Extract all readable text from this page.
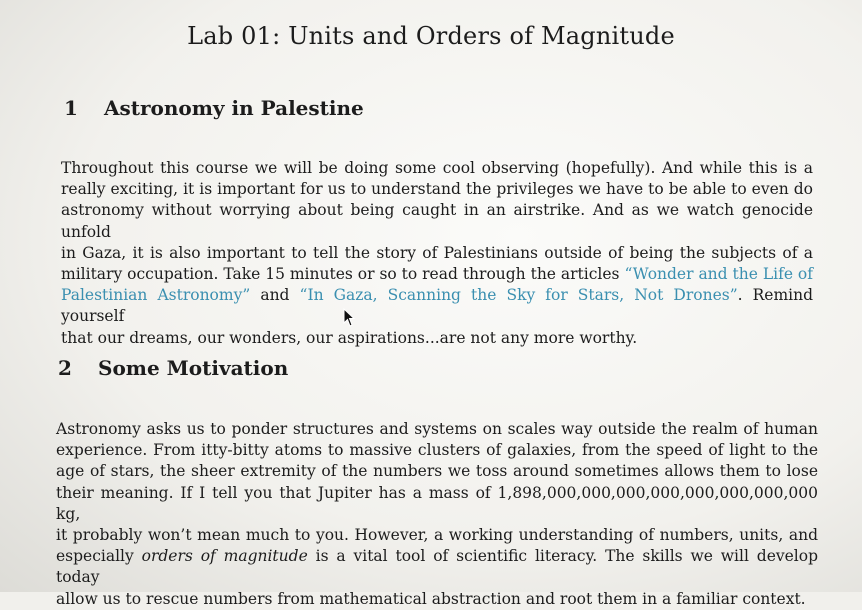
Lab 01: Units and Orders of Magnitude
1 Astronomy in Palestine
Throughout this course we will be doing some cool observing (hopefully). And while this is a
really exciting, it is important for us to understand the privileges we have to be able to even do
astronomy without worrying about being caught in an airstrike. And as we watch genocide unfold
in Gaza, it is also important to tell the story of Palestinians outside of being the subjects of a
military occupation. Take 15 minutes or so to read through the articles “Wonder and the Life of
Palestinian Astronomy” and “In Gaza, Scanning the Sky for Stars, Not Drones”. Remind yourself
that our dreams, our wonders, our aspirations...are not any more worthy.
2 Some Motivation
Astronomy asks us to ponder structures and systems on scales way outside the realm of human
experience. From itty-bitty atoms to massive clusters of galaxies, from the speed of light to the
age of stars, the sheer extremity of the numbers we toss around sometimes allows them to lose
their meaning. If I tell you that Jupiter has a mass of 1,898,000,000,000,000,000,000,000,000 kg,
it probably won’t mean much to you. However, a working understanding of numbers, units, and
especially orders of magnitude is a vital tool of scientific literacy. The skills we will develop today
allow us to rescue numbers from mathematical abstraction and root them in a familiar context.
